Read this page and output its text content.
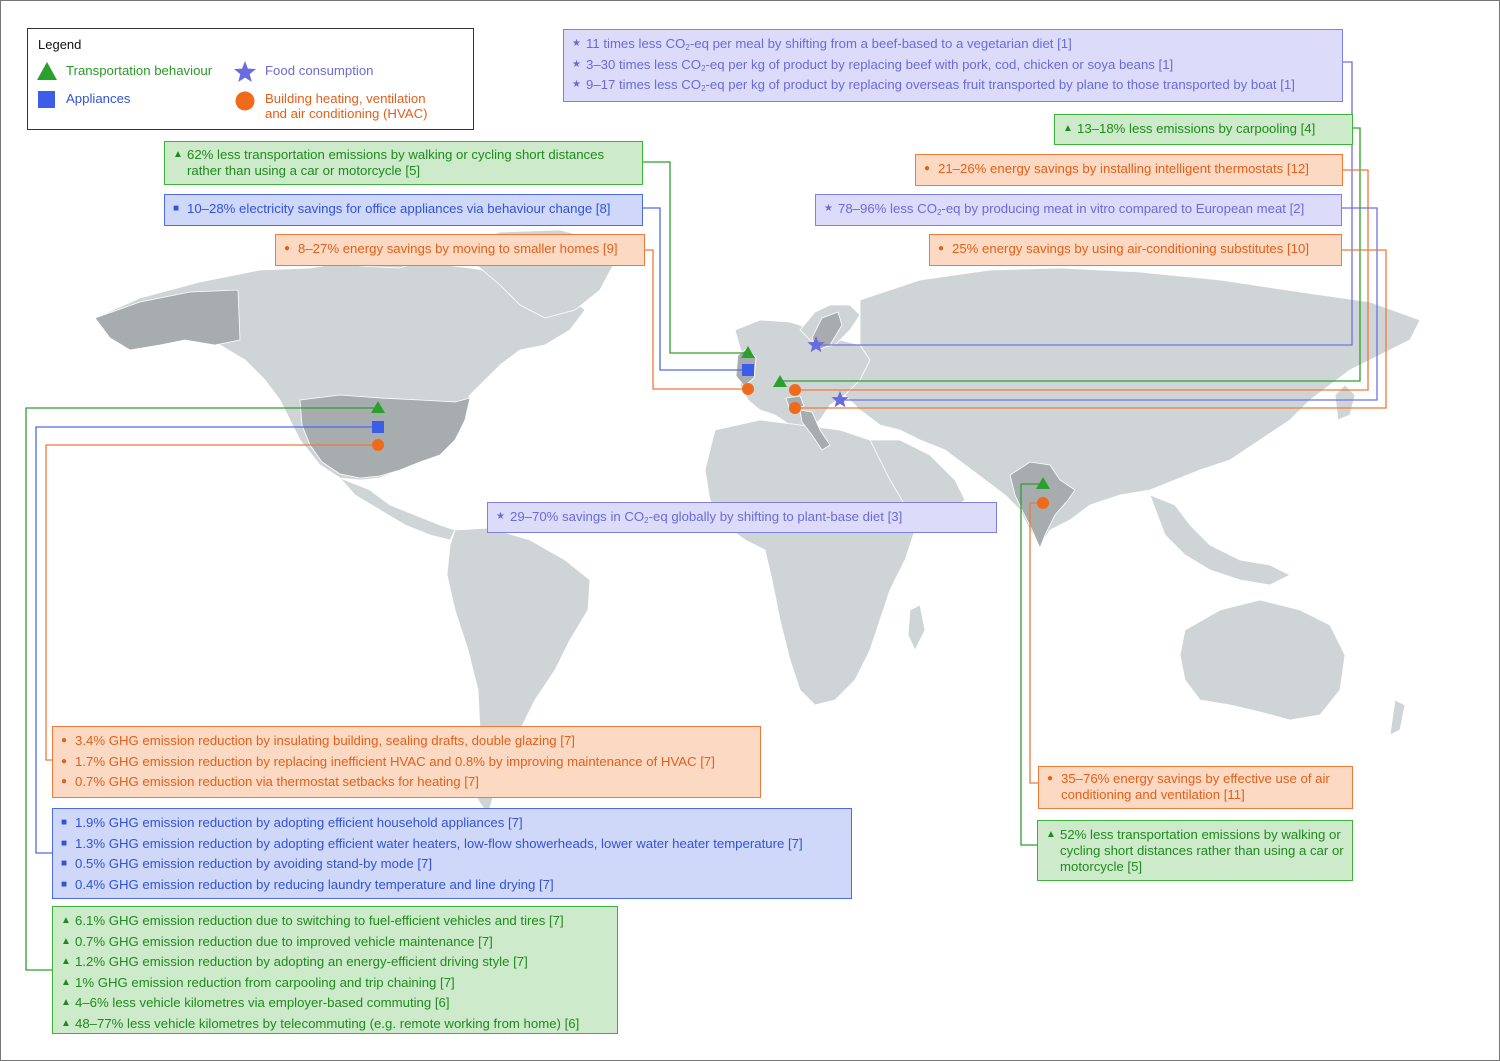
Legend
Transportation behaviour	Food consumption
Appliances	Building heating, ventilation
and air conditioning (HVAC)
★
11 times less $CO_2-eq$ per meal by shifting from a beef-based to a vegetarian diet [1]
★
3–30 times less $CO_2-eq$ per kg of product by replacing beef with pork, cod, chicken or soya beans [1]
★
9–17 times less $CO_2-eq$ per kg of product by replacing overseas fruit transported by plane to those transported by boat [1]
▲
13–18% less emissions by carpooling [4]
●
21–26% energy savings by installing intelligent thermostats [12]
★
78–96% less $CO_2-eq$ by producing meat in vitro compared to European meat [2]
●
25% energy savings by using air-conditioning substitutes [10]
▲
62% less transportation emissions by walking or cycling short distances rather than using a car or motorcycle [5]
■
10–28% electricity savings for office appliances via behaviour change [8]
●
8–27% energy savings by moving to smaller homes [9]
★
29–70% savings in $CO_2-eq$ globally by shifting to plant-base diet [3]
●
3.4% GHG emission reduction by insulating building, sealing drafts, double glazing [7]
●
1.7% GHG emission reduction by replacing inefficient HVAC and 0.8% by improving maintenance of HVAC [7]
●
0.7% GHG emission reduction via thermostat setbacks for heating [7]
■
1.9% GHG emission reduction by adopting efficient household appliances [7]
■
1.3% GHG emission reduction by adopting efficient water heaters, low-flow showerheads, lower water heater temperature [7]
■
0.5% GHG emission reduction by avoiding stand-by mode [7]
■
0.4% GHG emission reduction by reducing laundry temperature and line drying [7]
▲
6.1% GHG emission reduction due to switching to fuel-efficient vehicles and tires [7]
▲
0.7% GHG emission reduction due to improved vehicle maintenance [7]
▲
1.2% GHG emission reduction by adopting an energy-efficient driving style [7]
▲
1% GHG emission reduction from carpooling and trip chaining [7]
▲
4–6% less vehicle kilometres via employer-based commuting [6]
▲
48–77% less vehicle kilometres by telecommuting (e.g. remote working from home) [6]
●
35–76% energy savings by effective use of air conditioning and ventilation [11]
▲
52% less transportation emissions by walking or cycling short distances rather than using a car or motorcycle [5]
